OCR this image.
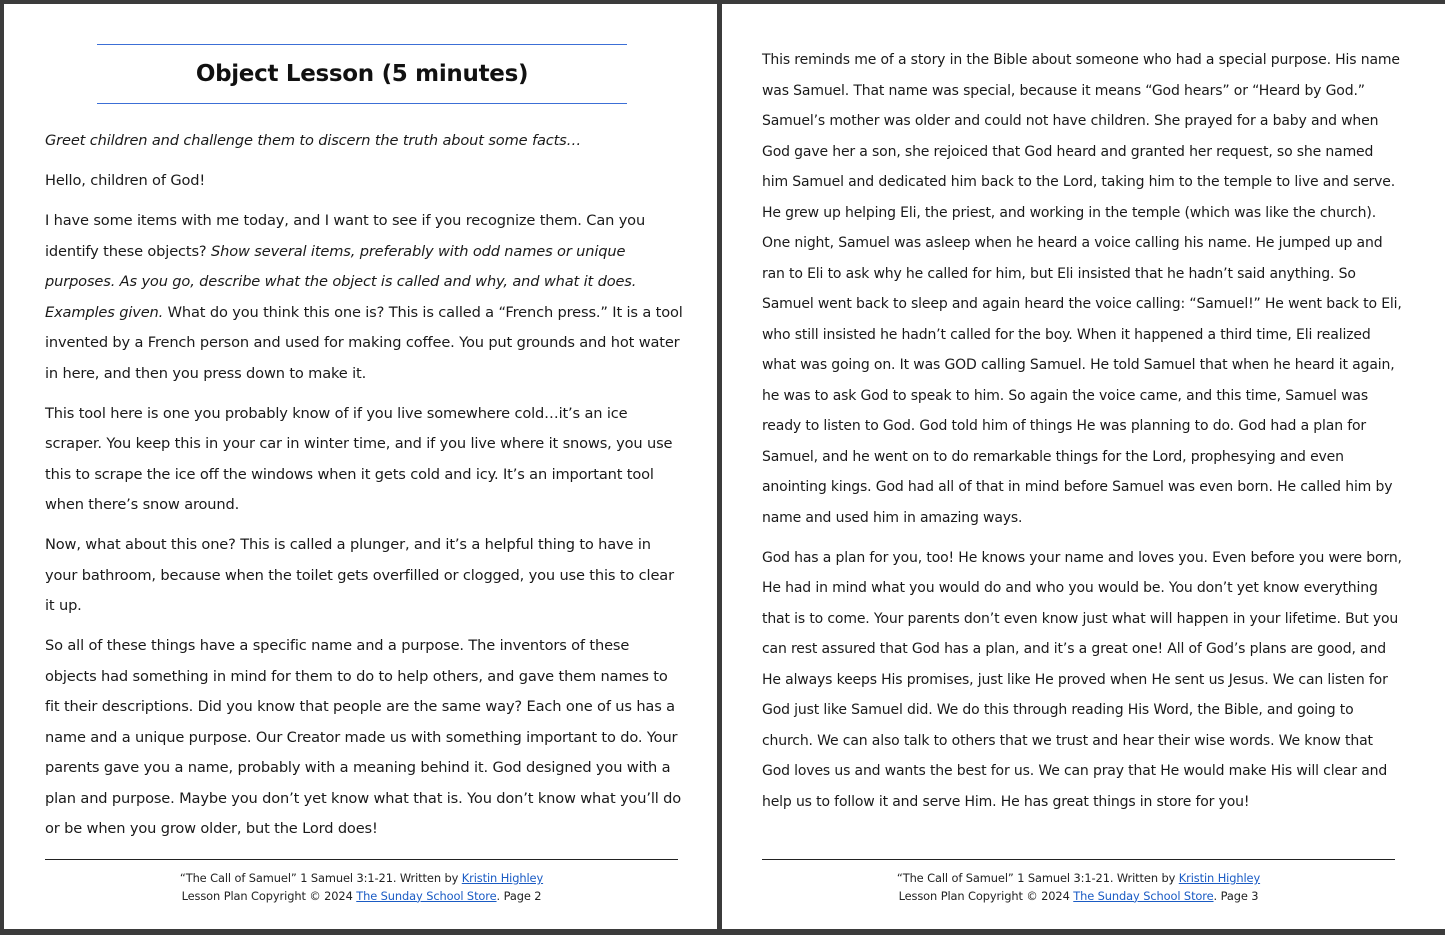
Object Lesson (5 minutes)

Greet children and challenge them to discern the truth about some facts…

Hello, children of God!

I have some items with me today, and I want to see if you recognize them. Can you identify these objects? Show several items, preferably with odd names or unique purposes. As you go, describe what the object is called and why, and what it does. Examples given. What do you think this one is? This is called a “French press.” It is a tool invented by a French person and used for making coffee. You put grounds and hot water in here, and then you press down to make it.

This tool here is one you probably know of if you live somewhere cold…it’s an ice scraper. You keep this in your car in winter time, and if you live where it snows, you use this to scrape the ice off the windows when it gets cold and icy. It’s an important tool when there’s snow around.

Now, what about this one? This is called a plunger, and it’s a helpful thing to have in your bathroom, because when the toilet gets overfilled or clogged, you use this to clear it up.

So all of these things have a specific name and a purpose. The inventors of these objects had something in mind for them to do to help others, and gave them names to fit their descriptions. Did you know that people are the same way? Each one of us has a name and a unique purpose. Our Creator made us with something important to do. Your parents gave you a name, probably with a meaning behind it. God designed you with a plan and purpose. Maybe you don’t yet know what that is. You don’t know what you’ll do or be when you grow older, but the Lord does!

“The Call of Samuel” 1 Samuel 3:1-21. Written by Kristin Highley
Lesson Plan Copyright © 2024 The Sunday School Store. Page 2

This reminds me of a story in the Bible about someone who had a special purpose. His name was Samuel. That name was special, because it means “God hears” or “Heard by God.” Samuel’s mother was older and could not have children. She prayed for a baby and when God gave her a son, she rejoiced that God heard and granted her request, so she named him Samuel and dedicated him back to the Lord, taking him to the temple to live and serve. He grew up helping Eli, the priest, and working in the temple (which was like the church). One night, Samuel was asleep when he heard a voice calling his name. He jumped up and ran to Eli to ask why he called for him, but Eli insisted that he hadn’t said anything. So Samuel went back to sleep and again heard the voice calling: “Samuel!” He went back to Eli, who still insisted he hadn’t called for the boy. When it happened a third time, Eli realized what was going on. It was GOD calling Samuel. He told Samuel that when he heard it again, he was to ask God to speak to him. So again the voice came, and this time, Samuel was ready to listen to God. God told him of things He was planning to do. God had a plan for Samuel, and he went on to do remarkable things for the Lord, prophesying and even anointing kings. God had all of that in mind before Samuel was even born. He called him by name and used him in amazing ways.

God has a plan for you, too! He knows your name and loves you. Even before you were born, He had in mind what you would do and who you would be. You don’t yet know everything that is to come. Your parents don’t even know just what will happen in your lifetime. But you can rest assured that God has a plan, and it’s a great one! All of God’s plans are good, and He always keeps His promises, just like He proved when He sent us Jesus. We can listen for God just like Samuel did. We do this through reading His Word, the Bible, and going to church. We can also talk to others that we trust and hear their wise words. We know that God loves us and wants the best for us. We can pray that He would make His will clear and help us to follow it and serve Him. He has great things in store for you!

“The Call of Samuel” 1 Samuel 3:1-21. Written by Kristin Highley
Lesson Plan Copyright © 2024 The Sunday School Store. Page 3
